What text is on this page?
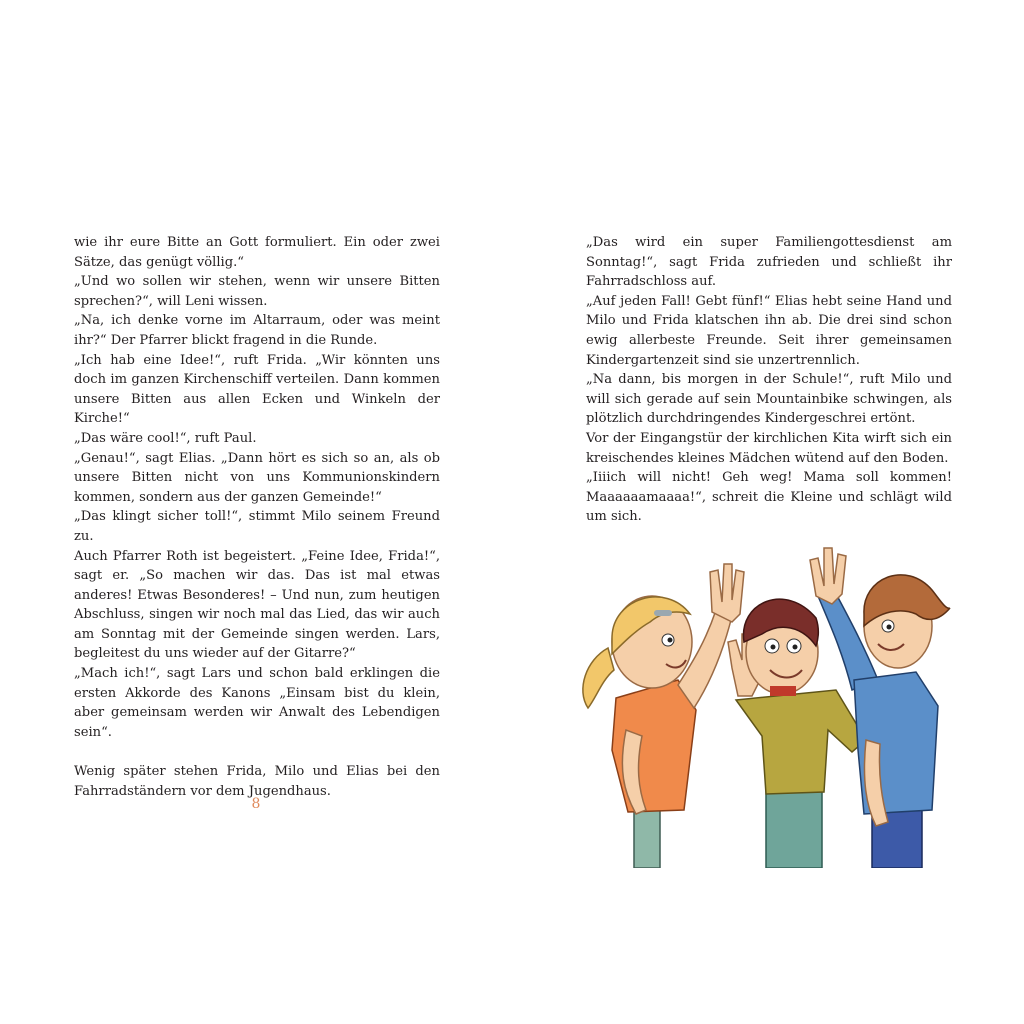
wie ihr eure Bitte an Gott formuliert. Ein oder zwei Sätze, das genügt völlig.“

„Und wo sollen wir stehen, wenn wir unsere Bitten sprechen?“, will Leni wissen.

„Na, ich denke vorne im Altarraum, oder was meint ihr?“ Der Pfarrer blickt fragend in die Runde.

„Ich hab eine Idee!“, ruft Frida. „Wir könnten uns doch im ganzen Kirchenschiff verteilen. Dann kommen unsere Bitten aus allen Ecken und Winkeln der Kirche!“

„Das wäre cool!“, ruft Paul.

„Genau!“, sagt Elias. „Dann hört es sich so an, als ob unsere Bitten nicht von uns Kommunionskindern kommen, sondern aus der ganzen Gemeinde!“

„Das klingt sicher toll!“, stimmt Milo seinem Freund zu.

Auch Pfarrer Roth ist begeistert. „Feine Idee, Frida!“, sagt er. „So machen wir das. Das ist mal etwas anderes! Etwas Besonderes! – Und nun, zum heutigen Abschluss, singen wir noch mal das Lied, das wir auch am Sonntag mit der Gemeinde singen werden. Lars, begleitest du uns wieder auf der Gitarre?“

„Mach ich!“, sagt Lars und schon bald erklingen die ersten Akkorde des Kanons „Einsam bist du klein, aber gemeinsam werden wir Anwalt des Lebendigen sein“.

Wenig später stehen Frida, Milo und Elias bei den Fahrradständern vor dem Jugendhaus.

8

„Das wird ein super Familiengottesdienst am Sonntag!“, sagt Frida zufrieden und schließt ihr Fahrradschloss auf.

„Auf jeden Fall! Gebt fünf!“ Elias hebt seine Hand und Milo und Frida klatschen ihn ab. Die drei sind schon ewig allerbeste Freunde. Seit ihrer gemeinsamen Kindergartenzeit sind sie unzertrennlich.

„Na dann, bis morgen in der Schule!“, ruft Milo und will sich gerade auf sein Mountainbike schwingen, als plötzlich durchdringendes Kindergeschrei ertönt.

Vor der Eingangstür der kirchlichen Kita wirft sich ein kreischendes kleines Mädchen wütend auf den Boden.

„Iiiich will nicht! Geh weg! Mama soll kommen! Maaaaaamaaaa!“, schreit die Kleine und schlägt wild um sich.
